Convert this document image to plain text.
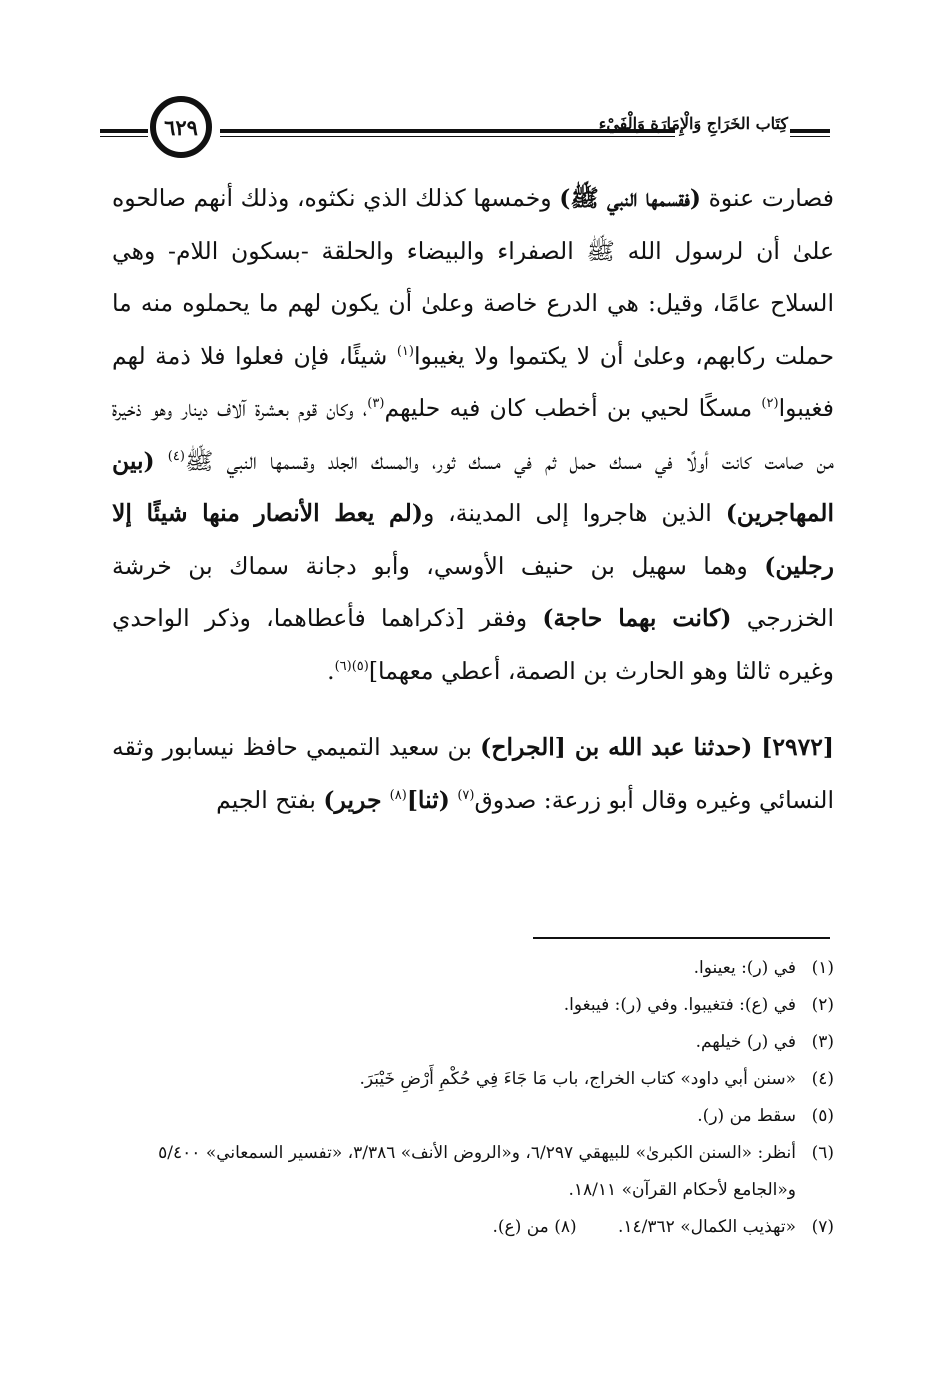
٦٢٩	كِتَاب الخَرَاجِ وَالْإِمَارَةِ وَالْفَيْءِ

فصارت عنوة (فقسمها النبي ﷺ) وخمسها كذلك الذي نكثوه، وذلك أنهم صالحوه علىٰ أن لرسول الله ﷺ الصفراء والبيضاء والحلقة -بسكون اللام- وهي السلاح عامًا، وقيل: هي الدرع خاصة وعلىٰ أن يكون لهم ما يحملوه منه ما حملت ركابهم، وعلىٰ أن لا يكتموا ولا يغيبوا$^{(١)}$ شيئًا، فإن فعلوا فلا ذمة لهم فغيبوا$^{(٢)}$ مسكًا لحيي بن أخطب كان فيه حليهم$^{(٣)}$، وكان قوم بعشرة آلاف دينار وهو ذخيرة من صامت كانت أولًا في مسك حمل ثم في مسك ثور، والمسك الجلد وقسمها النبي ﷺ$^{(٤)}$ (بين المهاجرين) الذين هاجروا إلى المدينة، و(لم يعط الأنصار منها شيئًا إلا رجلين) وهما سهيل بن حنيف الأوسي، وأبو دجانة سماك بن خرشة الخزرجي (كانت بهما حاجة) وفقر [ذكراهما فأعطاهما، وذكر الواحدي وغيره ثالثا وهو الحارث بن الصمة، أعطي معهما]$^{(٥)(٦)}$.

[٢٩٧٢] (حدثنا عبد الله بن [الجراح) بن سعيد التميمي حافظ نيسابور وثقه النسائي وغيره وقال أبو زرعة: صدوق$^{(٧)}$ (ثنا]$^{(٨)}$ جرير) بفتح الجيم

(١)
في (ر): يعينوا.
(٢)
في (ع): فتغيبوا. وفي (ر): فيبغوا.
(٣)
في (ر) خيلهم.
(٤)
«سنن أبي داود» كتاب الخراج، باب مَا جَاءَ فِي حُكْمِ أَرْضِ خَيْبَرَ.
(٥)
سقط من (ر).
(٦)
أنظر: «السنن الكبرىٰ» للبيهقي ٦/٢٩٧، و«الروض الأنف» ٣/٣٨٦، «تفسير السمعاني» ٥/٤٠٠ و«الجامع لأحكام القرآن» ١٨/١١.
(٧)
«تهذيب الكمال» ١٤/٣٦٢. (٨) من (ع).
